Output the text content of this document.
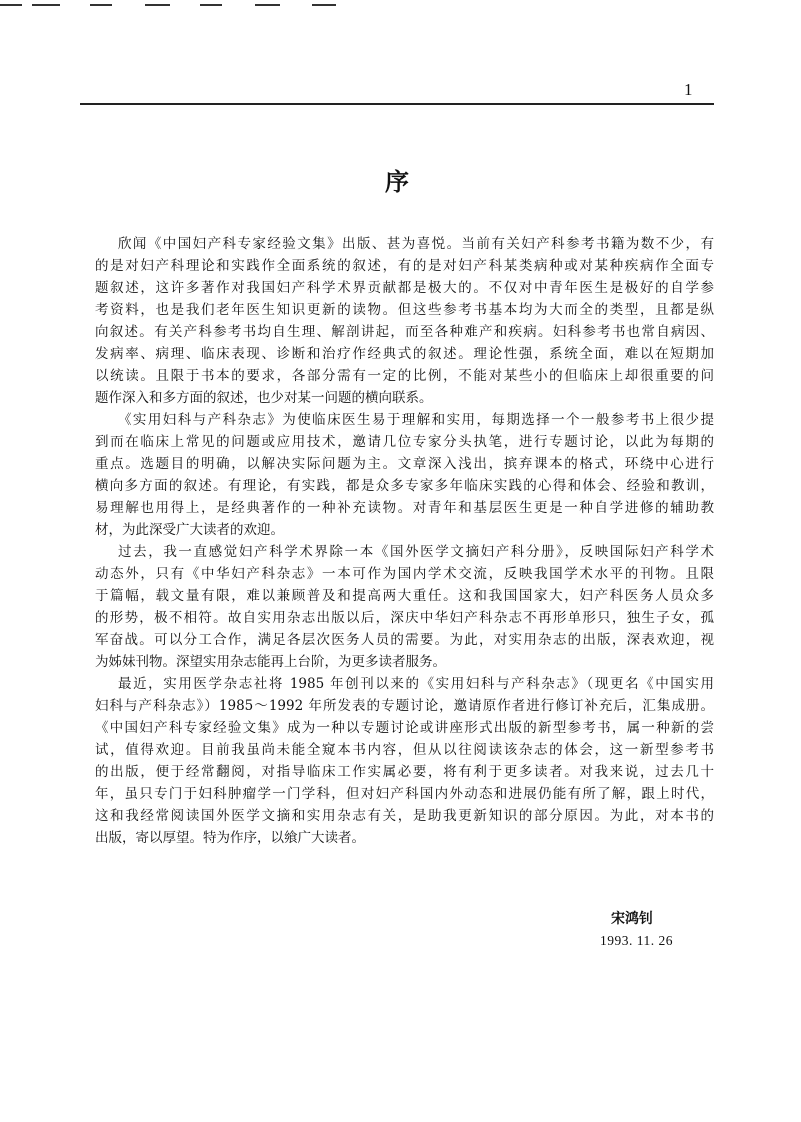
1
序
欣闻《中国妇产科专家经验文集》出版、甚为喜悦。当前有关妇产科参考书籍为数不少，有
的是对妇产科理论和实践作全面系统的叙述，有的是对妇产科某类病种或对某种疾病作全面专
题叙述，这许多著作对我国妇产科学术界贡献都是极大的。不仅对中青年医生是极好的自学参
考资料，也是我们老年医生知识更新的读物。但这些参考书基本均为大而全的类型，且都是纵
向叙述。有关产科参考书均自生理、解剖讲起，而至各种难产和疾病。妇科参考书也常自病因、
发病率、病理、临床表现、诊断和治疗作经典式的叙述。理论性强，系统全面，难以在短期加
以统读。且限于书本的要求，各部分需有一定的比例，不能对某些小的但临床上却很重要的问
题作深入和多方面的叙述，也少对某一问题的横向联系。
《实用妇科与产科杂志》为使临床医生易于理解和实用，每期选择一个一般参考书上很少提
到而在临床上常见的问题或应用技术，邀请几位专家分头执笔，进行专题讨论，以此为每期的
重点。选题目的明确，以解决实际问题为主。文章深入浅出，摈弃课本的格式，环绕中心进行
横向多方面的叙述。有理论，有实践，都是众多专家多年临床实践的心得和体会、经验和教训，
易理解也用得上，是经典著作的一种补充读物。对青年和基层医生更是一种自学进修的辅助教
材，为此深受广大读者的欢迎。
过去，我一直感觉妇产科学术界除一本《国外医学文摘妇产科分册》，反映国际妇产科学术
动态外，只有《中华妇产科杂志》一本可作为国内学术交流，反映我国学术水平的刊物。且限
于篇幅，载文量有限，难以兼顾普及和提高两大重任。这和我国国家大，妇产科医务人员众多
的形势，极不相符。故自实用杂志出版以后，深庆中华妇产科杂志不再形单形只，独生子女，孤
军奋战。可以分工合作，满足各层次医务人员的需要。为此，对实用杂志的出版，深表欢迎，视
为姊妹刊物。深望实用杂志能再上台阶，为更多读者服务。
最近，实用医学杂志社将 1985 年创刊以来的《实用妇科与产科杂志》（现更名《中国实用
妇科与产科杂志》）1985～1992 年所发表的专题讨论，邀请原作者进行修订补充后，汇集成册。
《中国妇产科专家经验文集》成为一种以专题讨论或讲座形式出版的新型参考书，属一种新的尝
试，值得欢迎。目前我虽尚未能全窥本书内容，但从以往阅读该杂志的体会，这一新型参考书
的出版，便于经常翻阅，对指导临床工作实属必要，将有利于更多读者。对我来说，过去几十
年，虽只专门于妇科肿瘤学一门学科，但对妇产科国内外动态和进展仍能有所了解，跟上时代，
这和我经常阅读国外医学文摘和实用杂志有关，是助我更新知识的部分原因。为此，对本书的
出版，寄以厚望。特为作序，以飨广大读者。
宋鸿钊
1993. 11. 26
